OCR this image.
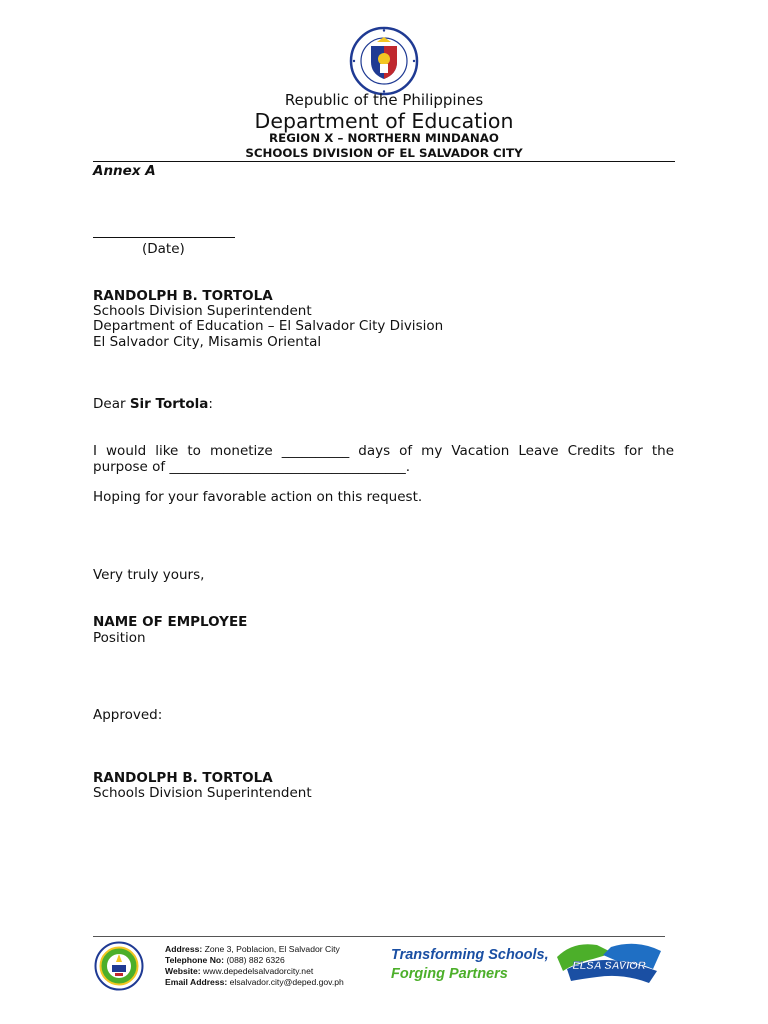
Republic of the Philippines
Department of Education
REGION X – NORTHERN MINDANAO
SCHOOLS DIVISION OF EL SALVADOR CITY
Annex A
(Date)
RANDOLPH B. TORTOLA
Schools Division Superintendent
Department of Education – El Salvador City Division
El Salvador City, Misamis Oriental
Dear Sir Tortola:
I would like to monetize __________ days of my Vacation Leave Credits for the
purpose of ___________________________________.
Hoping for your favorable action on this request.
Very truly yours,
NAME OF EMPLOYEE
Position
Approved:
RANDOLPH B. TORTOLA
Schools Division Superintendent
Address: Zone 3, Poblacion, El Salvador City
Telephone No: (088) 882 6326
Website: www.depedelsalvadorcity.net
Email Address: elsalvador.city@deped.gov.ph
Transforming Schools,
Forging Partners	ELSA SAVIOR
